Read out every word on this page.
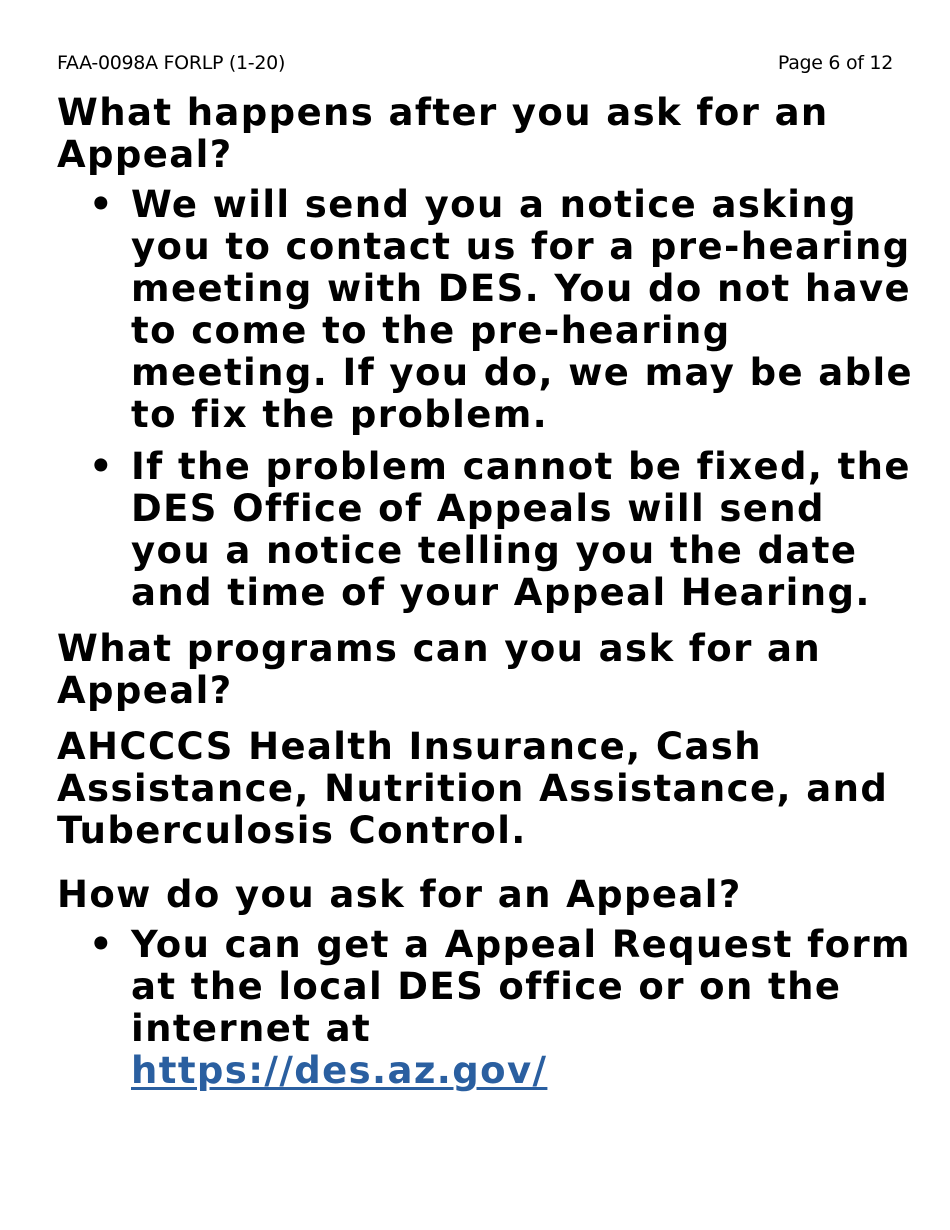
FAA-0098A FORLP (1-20)	Page 6 of 12
What happens after you ask for an Appeal?
• We will send you a notice asking you to contact us for a pre-hearing meeting with DES. You do not have to come to the pre-hearing meeting. If you do, we may be able to fix the problem.
• If the problem cannot be fixed, the DES Office of Appeals will send you a notice telling you the date and time of your Appeal Hearing.
What programs can you ask for an Appeal?

AHCCCS Health Insurance, Cash Assistance, Nutrition Assistance, and Tuberculosis Control.

How do you ask for an Appeal?
• You can get a Appeal Request form at the local DES office or on the internet at
https://des.az.gov/
